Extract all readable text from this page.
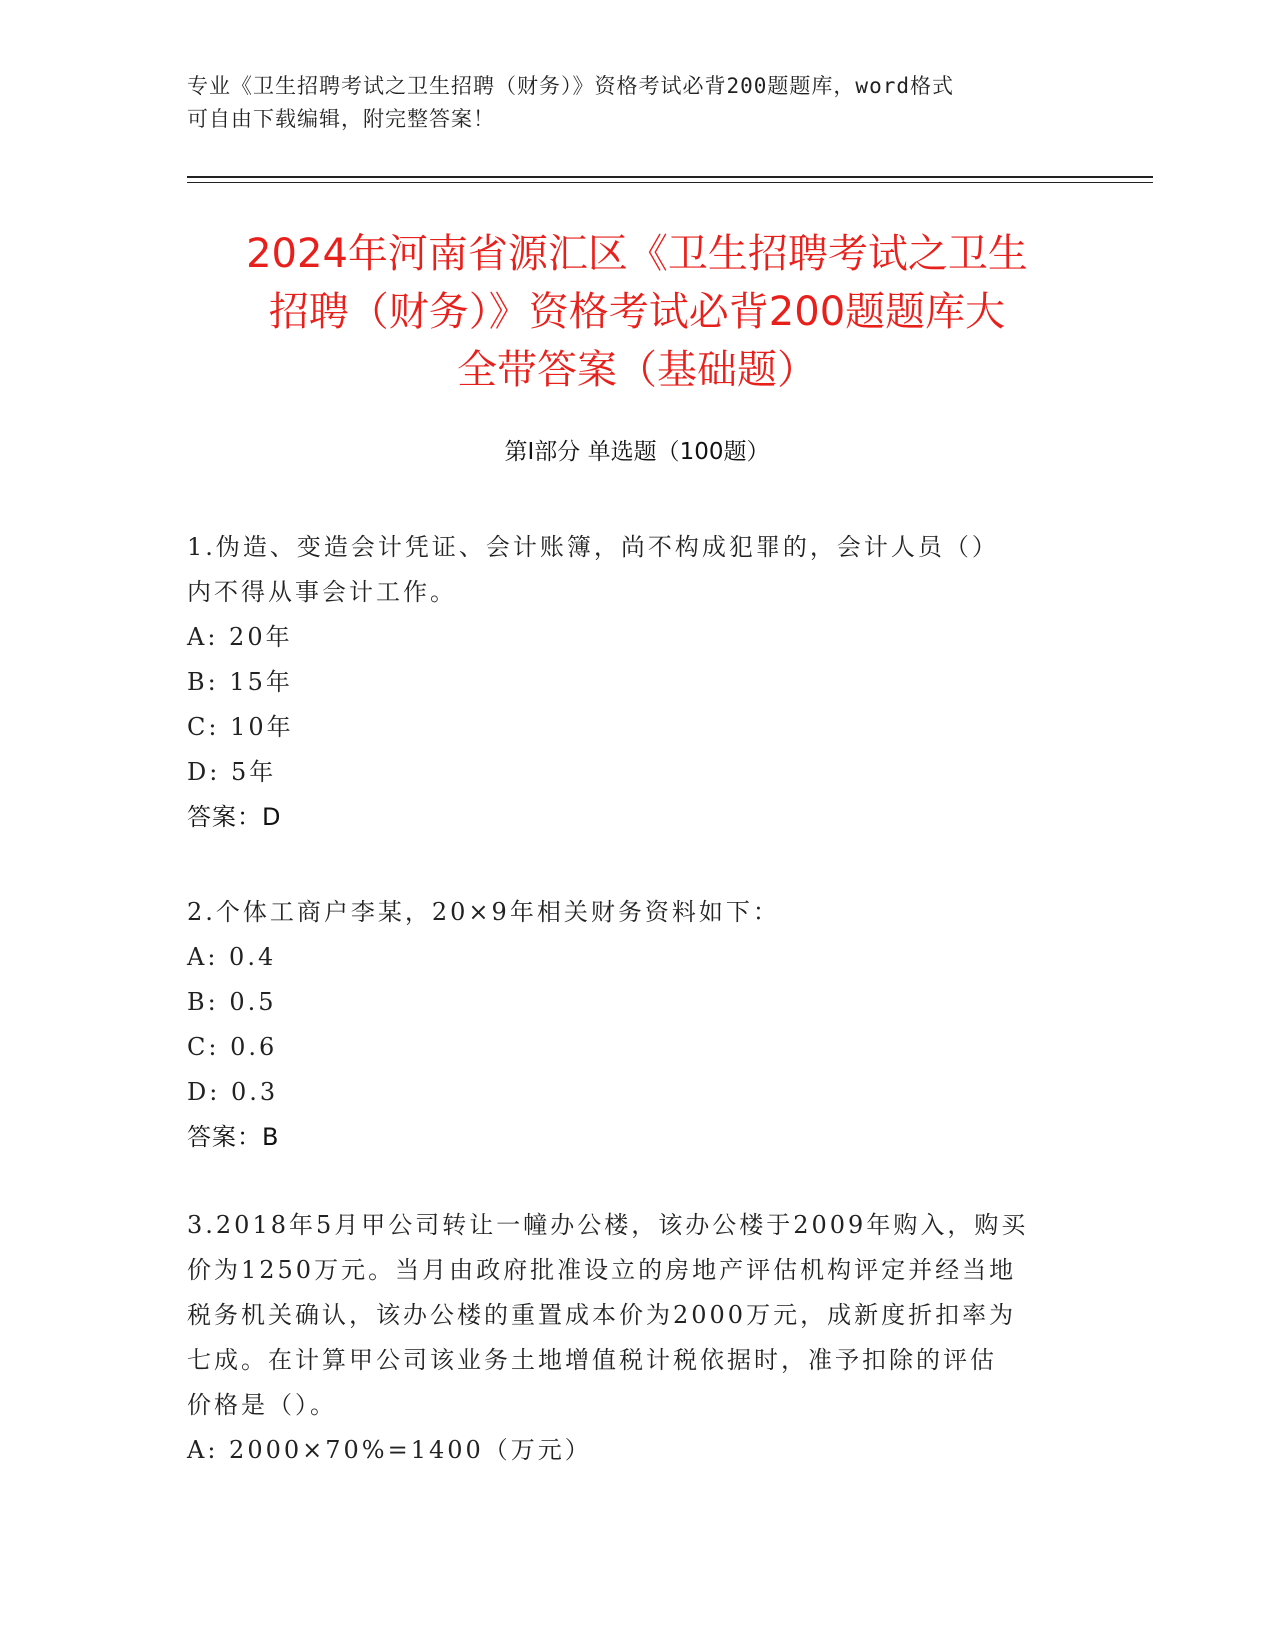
专业《卫生招聘考试之卫生招聘（财务）》资格考试必背200题题库，word格式
可自由下载编辑，附完整答案！
2024年河南省源汇区《卫生招聘考试之卫生
招聘（财务）》资格考试必背200题题库大
全带答案（基础题）
第I部分 单选题（100题）
1.伪造、变造会计凭证、会计账簿，尚不构成犯罪的，会计人员（）
内不得从事会计工作。
A: 20年
B: 15年
C: 10年
D: 5年
答案：D
2.个体工商户李某，20×9年相关财务资料如下：
A: 0.4
B: 0.5
C: 0.6
D: 0.3
答案：B
3.2018年5月甲公司转让一幢办公楼，该办公楼于2009年购入，购买
价为1250万元。当月由政府批准设立的房地产评估机构评定并经当地
税务机关确认，该办公楼的重置成本价为2000万元，成新度折扣率为
七成。在计算甲公司该业务土地增值税计税依据时，准予扣除的评估
价格是（）。
A: 2000×70%=1400（万元）
